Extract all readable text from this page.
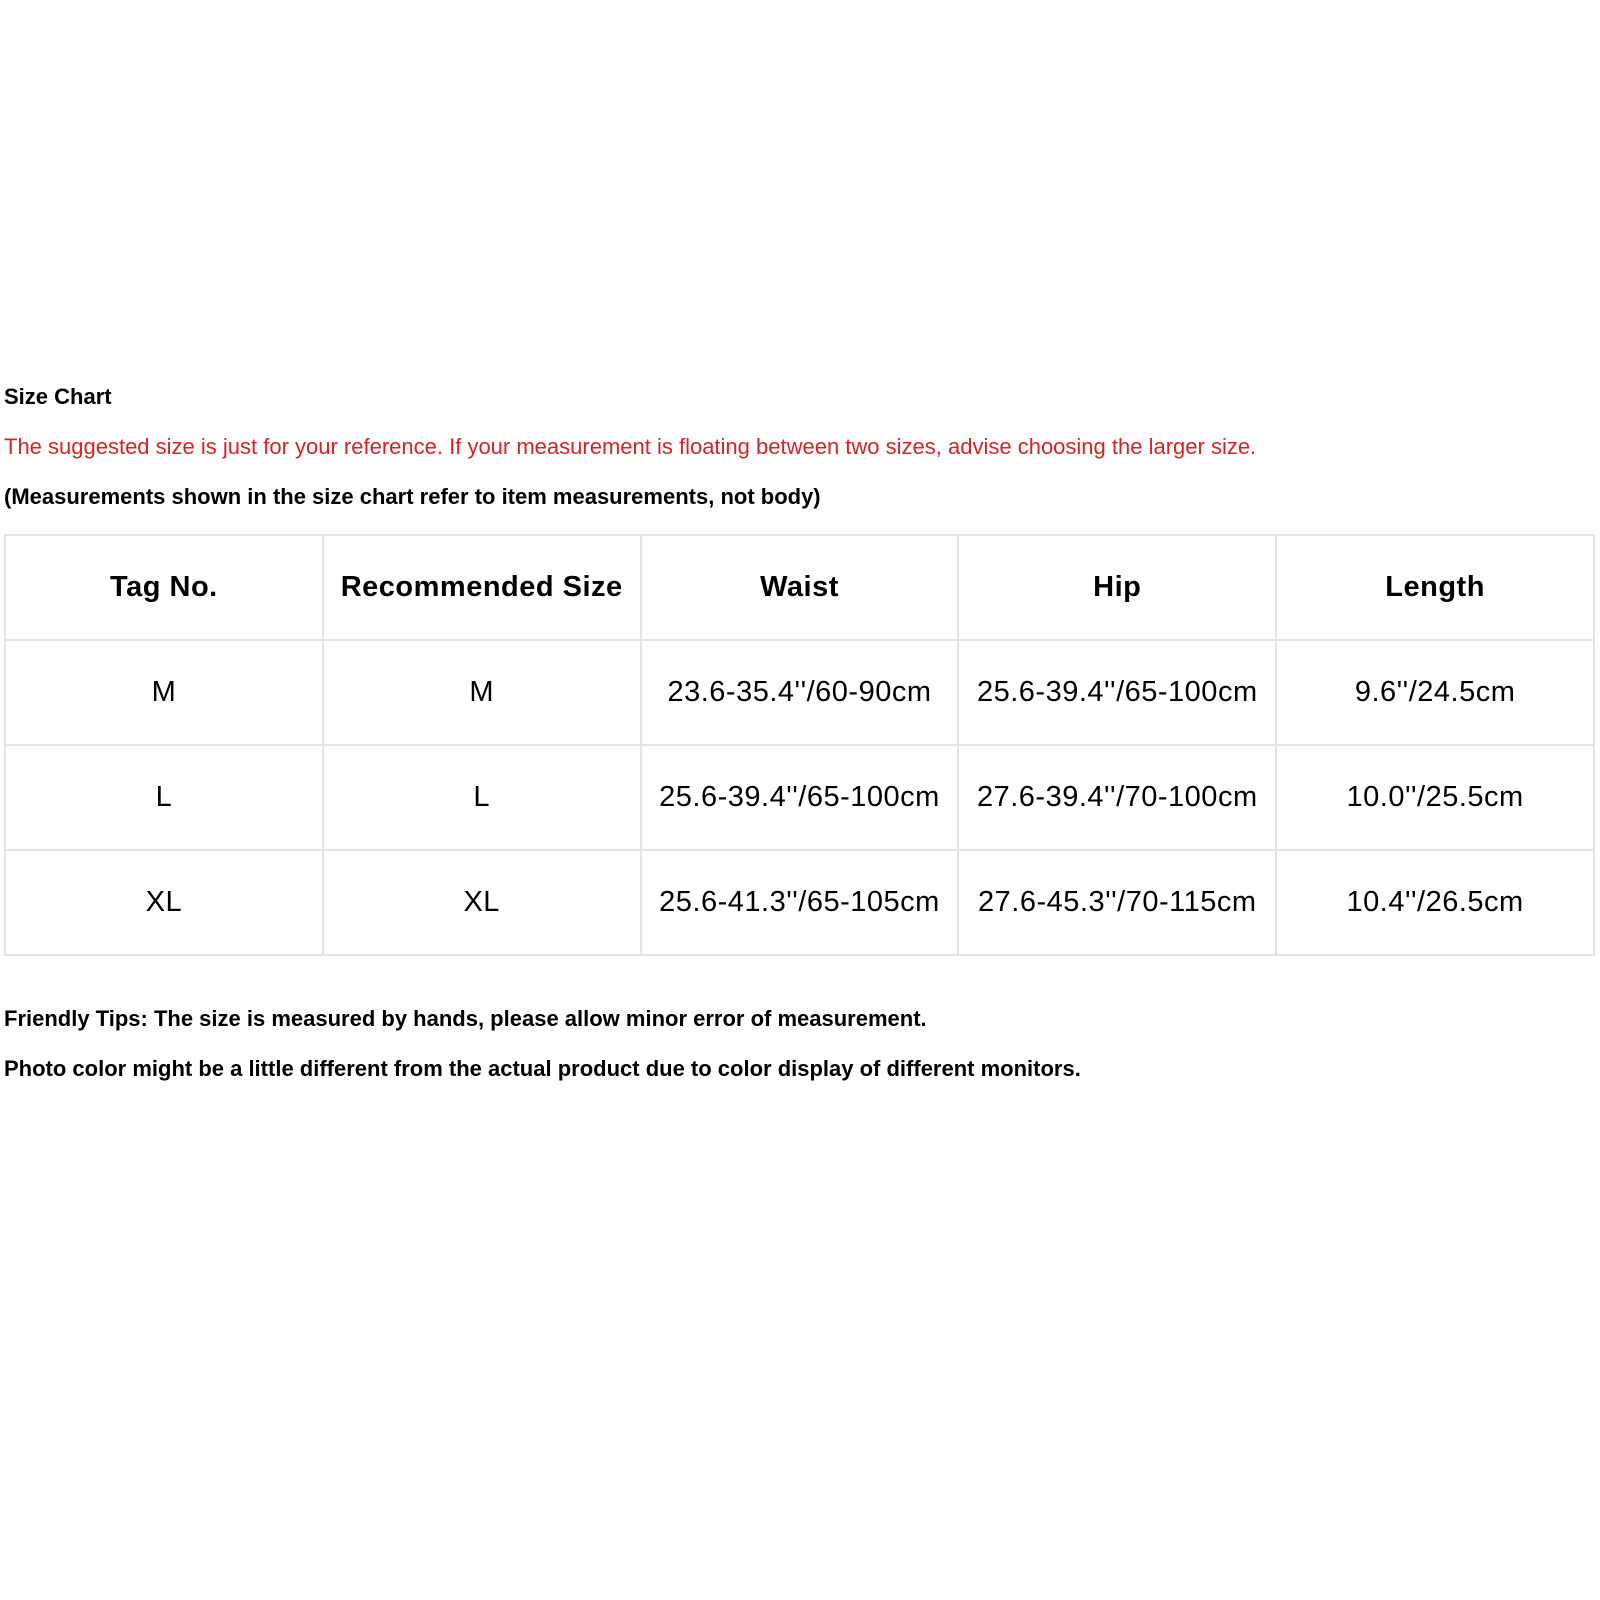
Size Chart
The suggested size is just for your reference. If your measurement is floating between two sizes, advise choosing the larger size.
(Measurements shown in the size chart refer to item measurements, not body)
Tag No.	Recommended Size	Waist	Hip	Length
M	M	23.6-35.4''/60-90cm	25.6-39.4''/65-100cm	9.6''/24.5cm
L	L	25.6-39.4''/65-100cm	27.6-39.4''/70-100cm	10.0''/25.5cm
XL	XL	25.6-41.3''/65-105cm	27.6-45.3''/70-115cm	10.4''/26.5cm
Friendly Tips: The size is measured by hands, please allow minor error of measurement.
Photo color might be a little different from the actual product due to color display of different monitors.
